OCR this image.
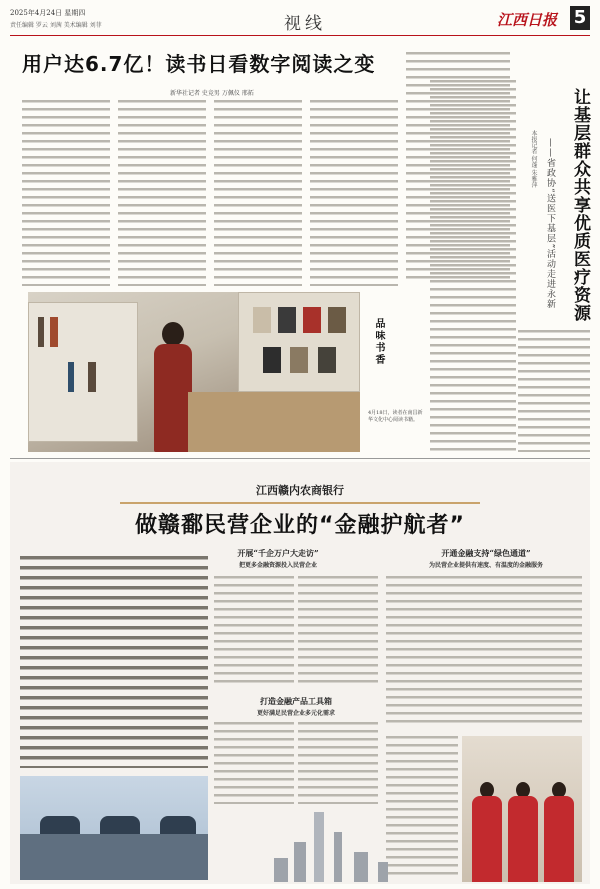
2025年4月24日 星期四
责任编辑 罗云 刘茜 美术编辑 刘菲	视线	江西日报 5
用户达6.7亿！读书日看数字阅读之变
新华社记者 史竞男 万佩仪 邢拓
品味书香
4月18日，读者在南昌新华文化中心阅读书籍。
让基层群众共享优质医疗资源
——省政协“送医下基层”活动走进永新
本报记者 何蓬 朱雅萍
江西赣内农商银行
做赣鄱民营企业的“金融护航者”
开展“千企万户大走访”
把更多金融资源投入民营企业
打造金融产品工具箱
更好满足民营企业多元化需求
开通金融支持“绿色通道”
为民营企业提供有速度、有温度的金融服务
